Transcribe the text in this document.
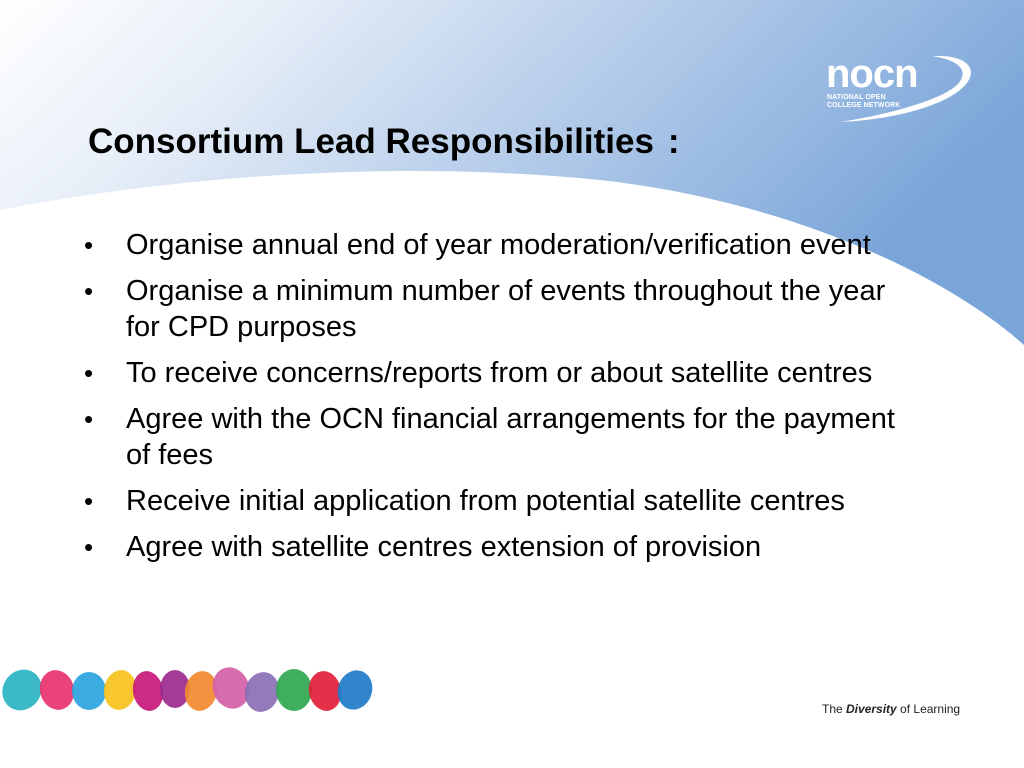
nocn
NATIONAL OPEN
COLLEGE NETWORK
Consortium Lead Responsibilities :
• Organise annual end of year moderation/verification event
• Organise a minimum number of events throughout the year for CPD purposes
• To receive concerns/reports from or about satellite centres
• Agree with the OCN financial arrangements for the payment of fees
• Receive initial application from potential satellite centres
• Agree with satellite centres extension of provision
The Diversity of Learning
